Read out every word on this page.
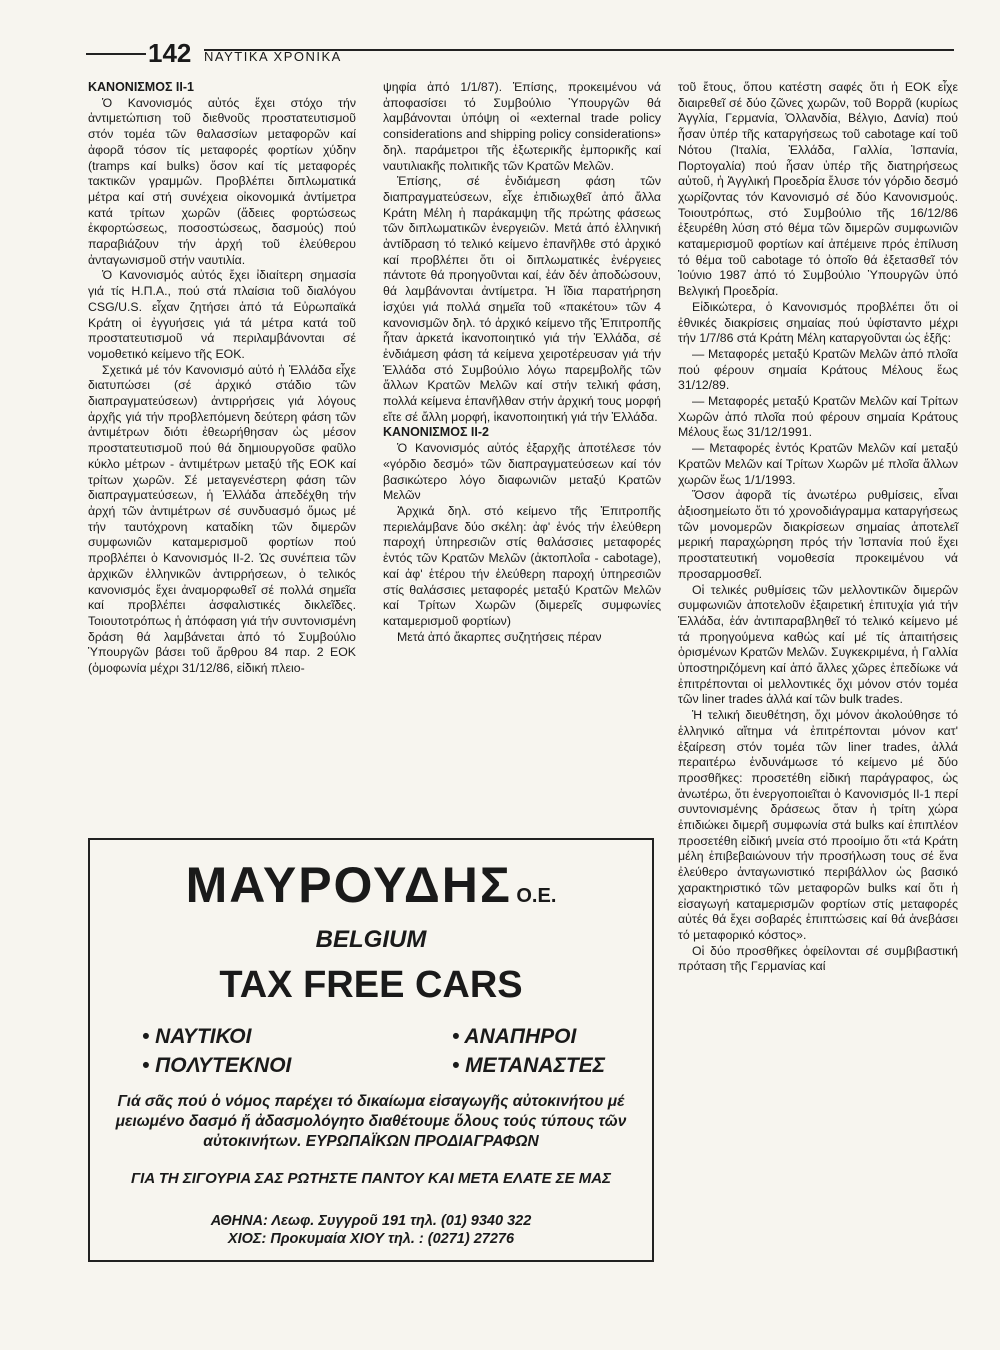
142 ΝΑΥΤΙΚΑ ΧΡΟΝΙΚΑ
ΚΑΝΟΝΙΣΜΟΣ II-1

Ὁ Κανονισμός αὐτός ἔχει στόχο τήν ἀντιμετώπιση τοῦ διεθνοῦς προστατευτισμοῦ στόν τομέα τῶν θαλασσίων μεταφορῶν καί ἀφορᾶ τόσον τίς μεταφορές φορτίων χύδην (tramps καί bulks) ὅσον καί τίς μεταφορές τακτικῶν γραμμῶν. Προβλέπει διπλωματικά μέτρα καί στή συνέχεια οἰκονομικά ἀντίμετρα κατά τρίτων χωρῶν (ἄδειες φορτώσεως ἐκφορτώσεως, ποσοστώσεως, δασμούς) πού παραβιάζουν τήν ἀρχή τοῦ ἐλεύθερου ἀνταγωνισμοῦ στήν ναυτιλία.

Ὁ Κανονισμός αὐτός ἔχει ἰδιαίτερη σημασία γιά τίς Η.Π.Α., πού στά πλαίσια τοῦ διαλόγου CSG/U.S. εἶχαν ζητήσει ἀπό τά Εὐρωπαϊκά Κράτη οἱ ἐγγυήσεις γιά τά μέτρα κατά τοῦ προστατευτισμοῦ νά περιλαμβάνονται σέ νομοθετικό κείμενο τῆς ΕΟΚ.

Σχετικά μέ τόν Κανονισμό αὐτό ἡ Ἑλλάδα εἶχε διατυπώσει (σέ ἀρχικό στάδιο τῶν διαπραγματεύσεων) ἀντιρρήσεις γιά λόγους ἀρχῆς γιά τήν προβλεπόμενη δεύτερη φάση τῶν ἀντιμέτρων διότι ἐθεωρήθησαν ὡς μέσον προστατευτισμοῦ πού θά δημιουργοῦσε φαῦλο κύκλο μέτρων - ἀντιμέτρων μεταξύ τῆς ΕΟΚ καί τρίτων χωρῶν. Σέ μεταγενέστερη φάση τῶν διαπραγματεύσεων, ἡ Ἑλλάδα ἀπεδέχθη τήν ἀρχή τῶν ἀντιμέτρων σέ συνδυασμό ὅμως μέ τήν ταυτόχρονη καταδίκη τῶν διμερῶν συμφωνιῶν καταμερισμοῦ φορτίων πού προβλέπει ὁ Κανονισμός II-2. Ὡς συνέπεια τῶν ἀρχικῶν ἑλληνικῶν ἀντιρρήσεων, ὁ τελικός κανονισμός ἔχει ἀναμορφωθεῖ σέ πολλά σημεῖα καί προβλέπει ἀσφαλιστικές δικλεῖδες. Τοιουτοτρόπως ἡ ἀπόφαση γιά τήν συντονισμένη δράση θά λαμβάνεται ἀπό τό Συμβούλιο Ὑπουργῶν βάσει τοῦ ἄρθρου 84 παρ. 2 ΕΟΚ (ὁμοφωνία μέχρι 31/12/86, εἰδική πλειο-

ψηφία ἀπό 1/1/87). Ἐπίσης, προκειμένου νά ἀποφασίσει τό Συμβούλιο Ὑπουργῶν θά λαμβάνονται ὑπόψη οἱ «external trade policy considerations and shipping policy considerations» δηλ. παράμετροι τῆς ἐξωτερικῆς ἐμπορικῆς καί ναυτιλιακῆς πολιτικῆς τῶν Κρατῶν Μελῶν.

Ἐπίσης, σέ ἐνδιάμεση φάση τῶν διαπραγματεύσεων, εἶχε ἐπιδιωχθεῖ ἀπό ἄλλα Κράτη Μέλη ἡ παράκαμψη τῆς πρώτης φάσεως τῶν διπλωματικῶν ἐνεργειῶν. Μετά ἀπό ἑλληνική ἀντίδραση τό τελικό κείμενο ἐπανῆλθε στό ἀρχικό καί προβλέπει ὅτι οἱ διπλωματικές ἐνέργειες πάντοτε θά προηγοῦνται καί, ἐάν δέν ἀποδώσουν, θά λαμβάνονται ἀντίμετρα. Ἡ ἴδια παρατήρηση ἰσχύει γιά πολλά σημεῖα τοῦ «πακέτου» τῶν 4 κανονισμῶν δηλ. τό ἀρχικό κείμενο τῆς Ἐπιτροπῆς ἦταν ἀρκετά ἱκανοποιητικό γιά τήν Ἑλλάδα, σέ ἐνδιάμεση φάση τά κείμενα χειροτέρευσαν γιά τήν Ἑλλάδα στό Συμβούλιο λόγω παρεμβολῆς τῶν ἄλλων Κρατῶν Μελῶν καί στήν τελική φάση, πολλά κείμενα ἐπανῆλθαν στήν ἀρχική τους μορφή εἴτε σέ ἄλλη μορφή, ἱκανοποιητική γιά τήν Ἑλλάδα.

ΚΑΝΟΝΙΣΜΟΣ II-2

Ὁ Κανονισμός αὐτός ἐξαρχῆς ἀποτέλεσε τόν «γόρδιο δεσμό» τῶν διαπραγματεύσεων καί τόν βασικώτερο λόγο διαφωνιῶν μεταξύ Κρατῶν Μελῶν

Ἀρχικά δηλ. στό κείμενο τῆς Ἐπιτροπῆς περιελάμβανε δύο σκέλη: ἀφ' ἑνός τήν ἐλεύθερη παροχή ὑπηρεσιῶν στίς θαλάσσιες μεταφορές ἐντός τῶν Κρατῶν Μελῶν (ἀκτοπλοΐα - cabotage), καί ἀφ' ἑτέρου τήν ἐλεύθερη παροχή ὑπηρεσιῶν στίς θαλάσσιες μεταφορές μεταξύ Κρατῶν Μελῶν καί Τρίτων Χωρῶν (διμερεῖς συμφωνίες καταμερισμοῦ φορτίων)

Μετά ἀπό ἄκαρπες συζητήσεις πέραν

τοῦ ἔτους, ὅπου κατέστη σαφές ὅτι ἡ ΕΟΚ εἶχε διαιρεθεῖ σέ δύο ζῶνες χωρῶν, τοῦ Βορρᾶ (κυρίως Ἀγγλία, Γερμανία, Ὀλλανδία, Βέλγιο, Δανία) πού ἦσαν ὑπέρ τῆς καταργήσεως τοῦ cabotage καί τοῦ Νότου (Ἰταλία, Ἑλλάδα, Γαλλία, Ἰσπανία, Πορτογαλία) πού ἦσαν ὑπέρ τῆς διατηρήσεως αὐτοῦ, ἡ Ἀγγλική Προεδρία ἔλυσε τόν γόρδιο δεσμό χωρίζοντας τόν Κανονισμό σέ δύο Κανονισμούς. Τοιουτρόπως, στό Συμβούλιο τῆς 16/12/86 ἐξευρέθη λύση στό θέμα τῶν διμερῶν συμφωνιῶν καταμερισμοῦ φορτίων καί ἀπέμεινε πρός ἐπίλυση τό θέμα τοῦ cabotage τό ὁποῖο θά ἐξετασθεῖ τόν Ἰούνιο 1987 ἀπό τό Συμβούλιο Ὑπουργῶν ὑπό Βελγική Προεδρία.

Εἰδικώτερα, ὁ Κανονισμός προβλέπει ὅτι οἱ ἐθνικές διακρίσεις σημαίας πού ὑφίσταντο μέχρι τήν 1/7/86 στά Κράτη Μέλη καταργοῦνται ὡς ἑξῆς:

— Μεταφορές μεταξύ Κρατῶν Μελῶν ἀπό πλοῖα πού φέρουν σημαία Κράτους Μέλους ἕως 31/12/89.

— Μεταφορές μεταξύ Κρατῶν Μελῶν καί Τρίτων Χωρῶν ἀπό πλοῖα πού φέρουν σημαία Κράτους Μέλους ἕως 31/12/1991.

— Μεταφορές ἐντός Κρατῶν Μελῶν καί μεταξύ Κρατῶν Μελῶν καί Τρίτων Χωρῶν μέ πλοῖα ἄλλων χωρῶν ἕως 1/1/1993.

Ὅσον ἀφορᾶ τίς ἀνωτέρω ρυθμίσεις, εἶναι ἀξιοσημείωτο ὅτι τό χρονοδιάγραμμα καταργήσεως τῶν μονομερῶν διακρίσεων σημαίας ἀποτελεῖ μερική παραχώρηση πρός τήν Ἰσπανία πού ἔχει προστατευτική νομοθεσία προκειμένου νά προσαρμοσθεῖ.

Οἱ τελικές ρυθμίσεις τῶν μελλοντικῶν διμερῶν συμφωνιῶν ἀποτελοῦν ἐξαιρετική ἐπιτυχία γιά τήν Ἑλλάδα, ἐάν ἀντιπαραβληθεῖ τό τελικό κείμενο μέ τά προηγούμενα καθώς καί μέ τίς ἀπαιτήσεις ὁρισμένων Κρατῶν Μελῶν. Συγκεκριμένα, ἡ Γαλλία ὑποστηριζόμενη καί ἀπό ἄλλες χῶρες ἐπεδίωκε νά ἐπιτρέπονται οἱ μελλοντικές ὄχι μόνον στόν τομέα τῶν liner trades ἀλλά καί τῶν bulk trades.

Ἡ τελική διευθέτηση, ὄχι μόνον ἀκολούθησε τό ἑλληνικό αἴτημα νά ἐπιτρέπονται μόνον κατ' ἐξαίρεση στόν τομέα τῶν liner trades, ἀλλά περαιτέρω ἐνδυνάμωσε τό κείμενο μέ δύο προσθῆκες: προσετέθη εἰδική παράγραφος, ὡς ἀνωτέρω, ὅτι ἐνεργοποιεῖται ὁ Κανονισμός II-1 περί συντονισμένης δράσεως ὅταν ἡ τρίτη χώρα ἐπιδιώκει διμερῆ συμφωνία στά bulks καί ἐπιπλέον προσετέθη εἰδική μνεία στό προοίμιο ὅτι «τά Κράτη μέλη ἐπιβεβαιώνουν τήν προσήλωση τους σέ ἕνα ἐλεύθερο ἀνταγωνιστικό περιβάλλον ὡς βασικό χαρακτηριστικό τῶν μεταφορῶν bulks καί ὅτι ἡ εἰσαγωγή καταμερισμῶν φορτίων στίς μεταφορές αὐτές θά ἔχει σοβαρές ἐπιπτώσεις καί θά ἀνεβάσει τό μεταφορικό κόστος».

Οἱ δύο προσθῆκες ὀφείλονται σέ συμβιβαστική πρόταση τῆς Γερμανίας καί

ΜΑΥΡΟΥΔΗΣ Ο.Ε.
BELGIUM
TAX FREE CARS
• ΝΑΥΤΙΚΟΙ
• ΠΟΛΥΤΕΚΝΟΙ
• ΑΝΑΠΗΡΟΙ
• ΜΕΤΑΝΑΣΤΕΣ
Γιά σᾶς πού ὁ νόμος παρέχει τό δικαίωμα εἰσαγωγῆς αὐτοκινήτου μέ μειωμένο δασμό ἤ ἀδασμολόγητο διαθέτουμε ὅλους τούς τύπους τῶν αὐτοκινήτων. ΕΥΡΩΠΑΪΚΩΝ ΠΡΟΔΙΑΓΡΑΦΩΝ
ΓΙΑ ΤΗ ΣΙΓΟΥΡΙΑ ΣΑΣ ΡΩΤΗΣΤΕ ΠΑΝΤΟΥ ΚΑΙ ΜΕΤΑ ΕΛΑΤΕ ΣΕ ΜΑΣ
ΑΘΗΝΑ: Λεωφ. Συγγροῦ 191 τηλ. (01) 9340 322
ΧΙΟΣ: Προκυμαία ΧΙΟΥ τηλ. : (0271) 27276
